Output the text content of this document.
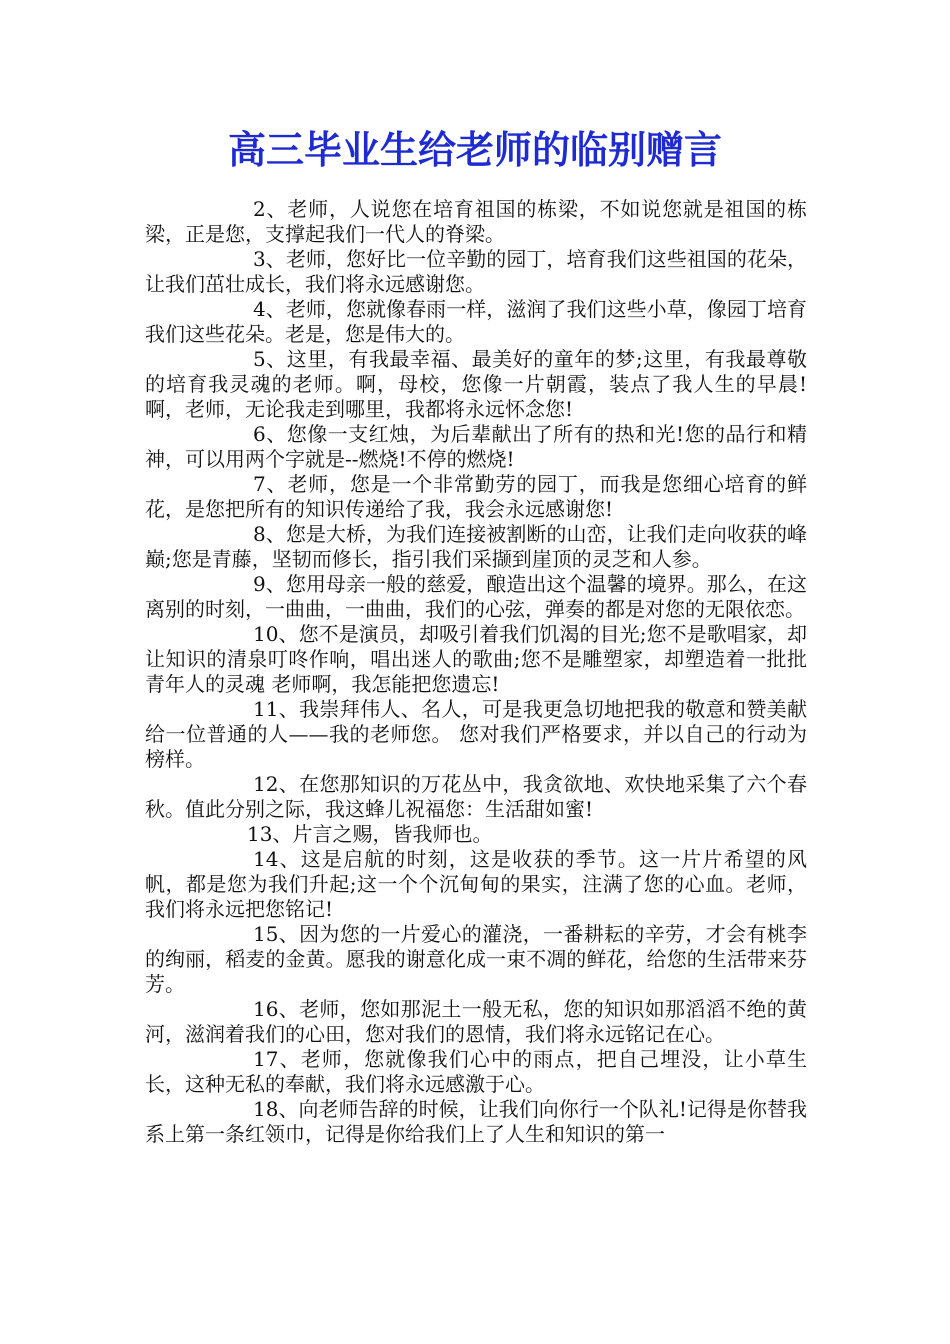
高三毕业生给老师的临别赠言

2、老师，人说您在培育祖国的栋梁，不如说您就是祖国的栋梁，正是您，支撑起我们一代人的脊梁。

3、老师，您好比一位辛勤的园丁，培育我们这些祖国的花朵，让我们茁壮成长，我们将永远感谢您。

4、老师，您就像春雨一样，滋润了我们这些小草，像园丁培育我们这些花朵。老是，您是伟大的。

5、这里，有我最幸福、最美好的童年的梦;这里，有我最尊敬的培育我灵魂的老师。啊，母校，您像一片朝霞，装点了我人生的早晨!啊，老师，无论我走到哪里，我都将永远怀念您!

6、您像一支红烛，为后辈献出了所有的热和光!您的品行和精神，可以用两个字就是--燃烧!不停的燃烧!

7、老师，您是一个非常勤劳的园丁，而我是您细心培育的鲜花，是您把所有的知识传递给了我，我会永远感谢您!

8、您是大桥，为我们连接被割断的山峦，让我们走向收获的峰巅;您是青藤，坚韧而修长，指引我们采撷到崖顶的灵芝和人参。

9、您用母亲一般的慈爱，酿造出这个温馨的境界。那么，在这离别的时刻，一曲曲，一曲曲，我们的心弦，弹奏的都是对您的无限依恋。

10、您不是演员，却吸引着我们饥渴的目光;您不是歌唱家，却让知识的清泉叮咚作响，唱出迷人的歌曲;您不是雕塑家，却塑造着一批批青年人的灵魂 老师啊，我怎能把您遗忘!

11、我崇拜伟人、名人，可是我更急切地把我的敬意和赞美献给一位普通的人——我的老师您。 您对我们严格要求，并以自己的行动为榜样。

12、在您那知识的万花丛中，我贪欲地、欢快地采集了六个春秋。值此分别之际，我这蜂儿祝福您：生活甜如蜜!

13、片言之赐，皆我师也。

14、这是启航的时刻，这是收获的季节。这一片片希望的风帆，都是您为我们升起;这一个个沉甸甸的果实，注满了您的心血。老师，我们将永远把您铭记!

15、因为您的一片爱心的灌浇，一番耕耘的辛劳，才会有桃李的绚丽，稻麦的金黄。愿我的谢意化成一束不凋的鲜花，给您的生活带来芬芳。

16、老师，您如那泥土一般无私，您的知识如那滔滔不绝的黄河，滋润着我们的心田，您对我们的恩情，我们将永远铭记在心。

17、老师，您就像我们心中的雨点，把自己埋没，让小草生长，这种无私的奉献，我们将永远感激于心。

18、向老师告辞的时候，让我们向你行一个队礼!记得是你替我系上第一条红领巾，记得是你给我们上了人生和知识的第一
